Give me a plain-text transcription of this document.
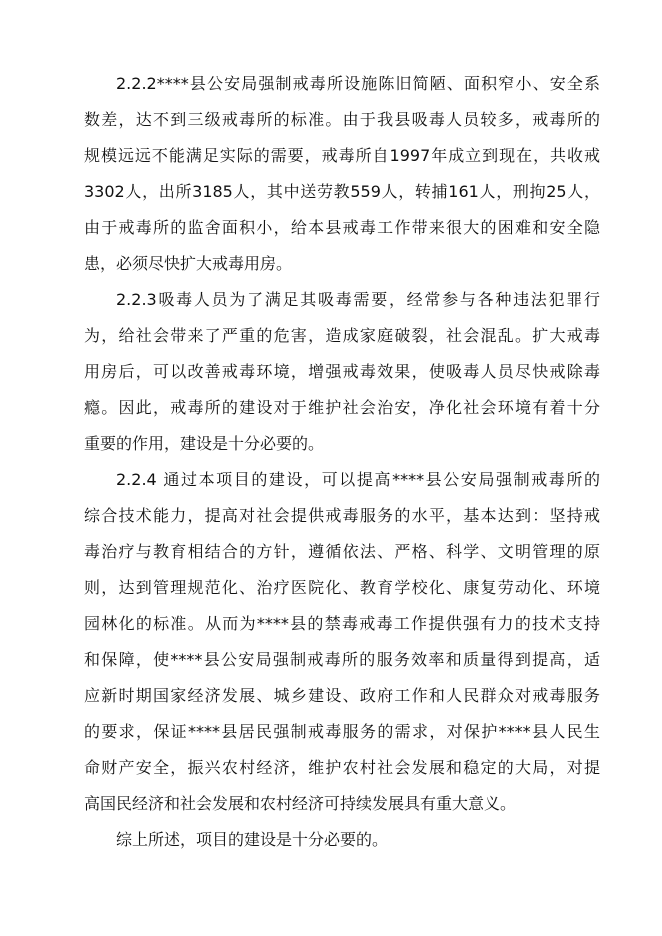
2.2.2****县公安局强制戒毒所设施陈旧简陋、面积窄小、安全系
数差，达不到三级戒毒所的标准。由于我县吸毒人员较多，戒毒所的
规模远远不能满足实际的需要，戒毒所自1997年成立到现在，共收戒
3302人，出所3185人，其中送劳教559人，转捕161人，刑拘25人，
由于戒毒所的监舍面积小，给本县戒毒工作带来很大的困难和安全隐
患，必须尽快扩大戒毒用房。
2.2.3吸毒人员为了满足其吸毒需要，经常参与各种违法犯罪行
为，给社会带来了严重的危害，造成家庭破裂，社会混乱。扩大戒毒
用房后，可以改善戒毒环境，增强戒毒效果，使吸毒人员尽快戒除毒
瘾。因此，戒毒所的建设对于维护社会治安，净化社会环境有着十分
重要的作用，建设是十分必要的。
2.2.4 通过本项目的建设，可以提高****县公安局强制戒毒所的
综合技术能力，提高对社会提供戒毒服务的水平，基本达到：坚持戒
毒治疗与教育相结合的方针，遵循依法、严格、科学、文明管理的原
则，达到管理规范化、治疗医院化、教育学校化、康复劳动化、环境
园林化的标准。从而为****县的禁毒戒毒工作提供强有力的技术支持
和保障，使****县公安局强制戒毒所的服务效率和质量得到提高，适
应新时期国家经济发展、城乡建设、政府工作和人民群众对戒毒服务
的要求，保证****县居民强制戒毒服务的需求，对保护****县人民生
命财产安全，振兴农村经济，维护农村社会发展和稳定的大局，对提
高国民经济和社会发展和农村经济可持续发展具有重大意义。
综上所述，项目的建设是十分必要的。
